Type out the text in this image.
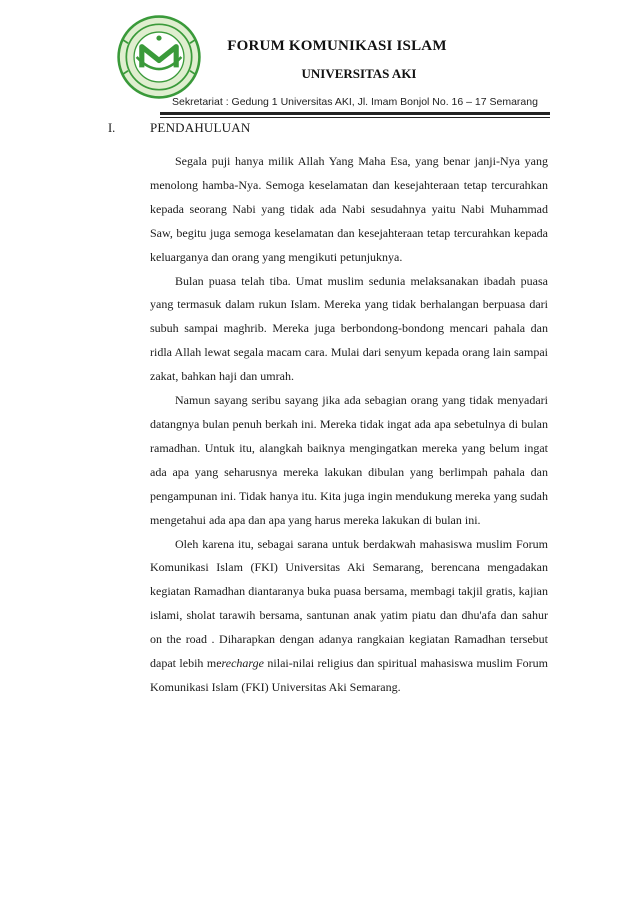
FORUM KOMUNIKASI ISLAM
UNIVERSITAS AKI
Sekretariat : Gedung 1 Universitas AKI, Jl. Imam Bonjol No. 16 – 17 Semarang
I.	PENDAHULUAN

Segala puji hanya milik Allah Yang Maha Esa, yang benar janji-Nya yang menolong hamba-Nya. Semoga keselamatan dan kesejahteraan tetap tercurahkan kepada seorang Nabi yang tidak ada Nabi sesudahnya yaitu Nabi Muhammad Saw, begitu juga semoga keselamatan dan kesejahteraan tetap tercurahkan kepada keluarganya dan orang yang mengikuti petunjuknya.

Bulan puasa telah tiba. Umat muslim sedunia melaksanakan ibadah puasa yang termasuk dalam rukun Islam. Mereka yang tidak berhalangan berpuasa dari subuh sampai maghrib. Mereka juga berbondong-bondong mencari pahala dan ridla Allah lewat segala macam cara. Mulai dari senyum kepada orang lain sampai zakat, bahkan haji dan umrah.

Namun sayang seribu sayang jika ada sebagian orang yang tidak menyadari datangnya bulan penuh berkah ini. Mereka tidak ingat ada apa sebetulnya di bulan ramadhan. Untuk itu, alangkah baiknya mengingatkan mereka yang belum ingat ada apa yang seharusnya mereka lakukan dibulan yang berlimpah pahala dan pengampunan ini. Tidak hanya itu. Kita juga ingin mendukung mereka yang sudah mengetahui ada apa dan apa yang harus mereka lakukan di bulan ini.

Oleh karena itu, sebagai sarana untuk berdakwah mahasiswa muslim Forum Komunikasi Islam (FKI) Universitas Aki Semarang, berencana mengadakan kegiatan Ramadhan diantaranya buka puasa bersama, membagi takjil gratis, kajian islami, sholat tarawih bersama, santunan anak yatim piatu dan dhu'afa dan sahur on the road . Diharapkan dengan adanya rangkaian kegiatan Ramadhan tersebut dapat lebih merecharge nilai-nilai religius dan spiritual mahasiswa muslim Forum Komunikasi Islam (FKI) Universitas Aki Semarang.
